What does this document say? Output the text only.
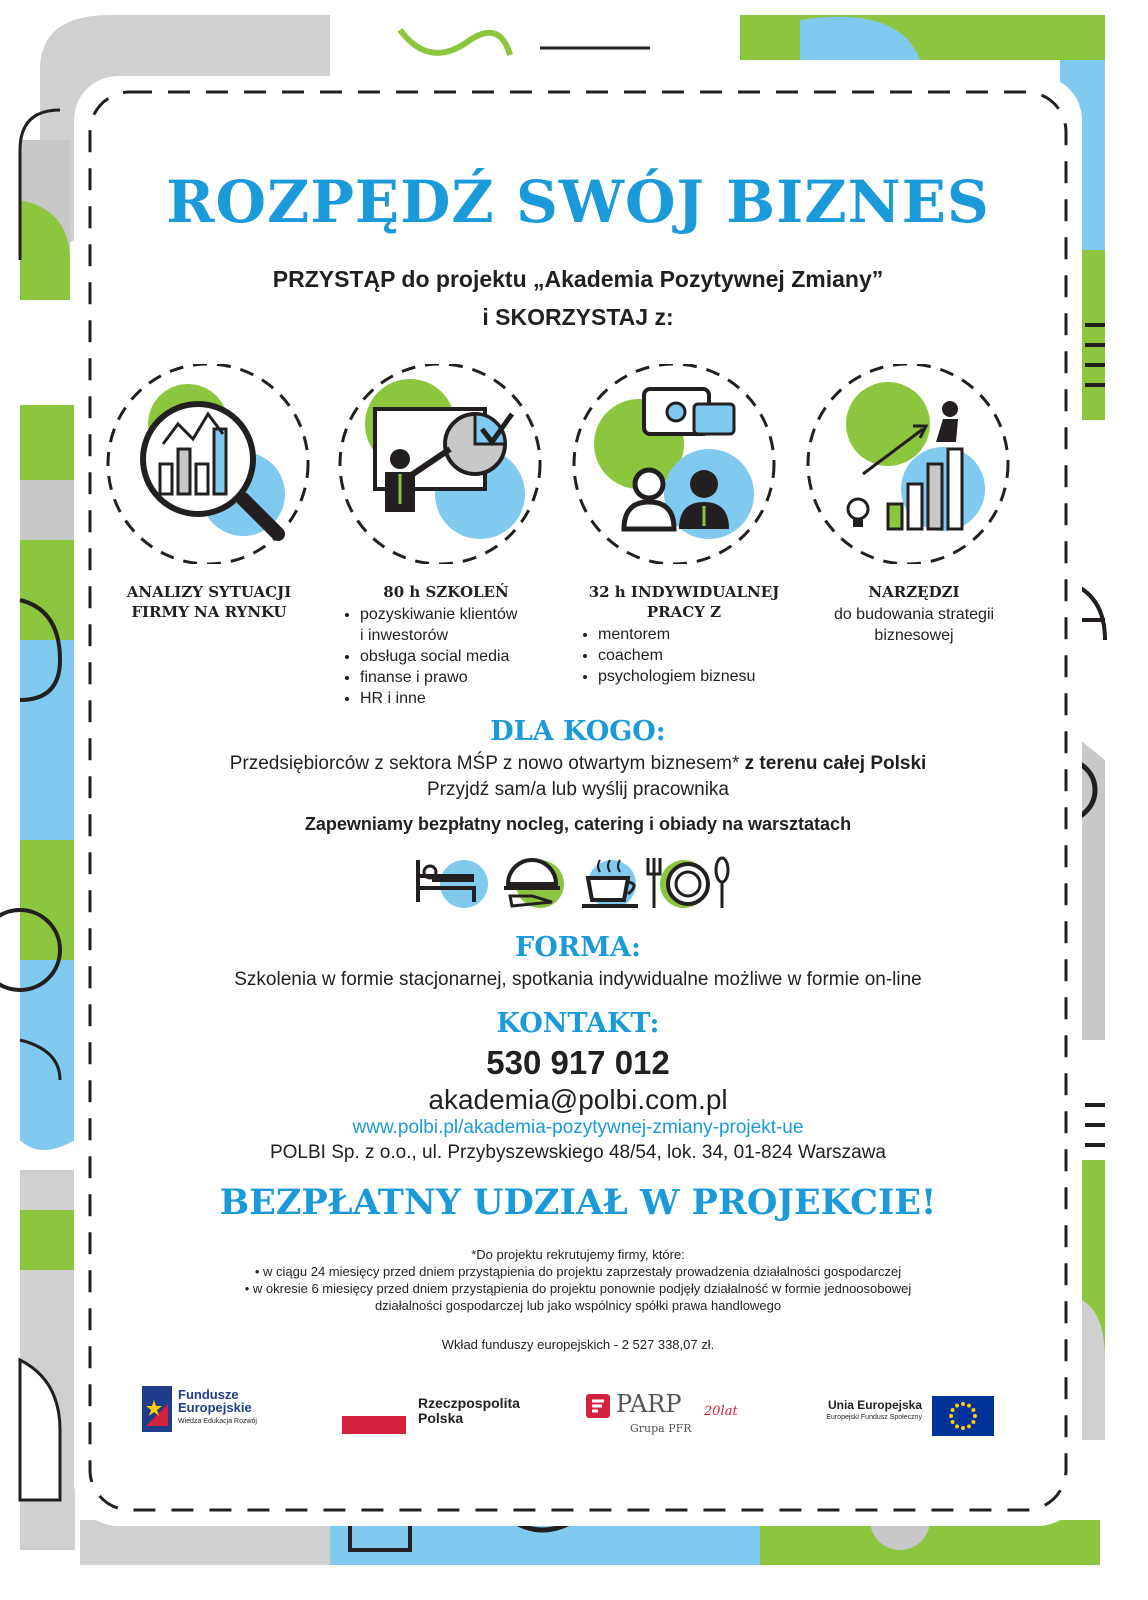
ROZPĘDŹ SWÓJ BIZNES
PRZYSTĄP do projektu „Akademia Pozytywnej Zmiany”
i SKORZYSTAJ z:
ANALIZY SYTUACJI
FIRMY NA RYNKU
80 h SZKOLEŃ
• pozyskiwanie klientów
i inwestorów
• obsługa social media
• finanse i prawo
• HR i inne
32 h INDYWIDUALNEJ
PRACY Z
• mentorem
• coachem
• psychologiem biznesu
NARZĘDZI

do budowania strategii
biznesowej

DLA KOGO:
Przedsiębiorców z sektora MŚP z nowo otwartym biznesem* z terenu całej Polski
Przyjdź sam/a lub wyślij pracownika
Zapewniamy bezpłatny nocleg, catering i obiady na warsztatach
FORMA:
Szkolenia w formie stacjonarnej, spotkania indywidualne możliwe w formie on-line
KONTAKT:
530 917 012
akademia@polbi.com.pl
www.polbi.pl/akademia-pozytywnej-zmiany-projekt-ue
POLBI Sp. z o.o., ul. Przybyszewskiego 48/54, lok. 34, 01-824 Warszawa
BEZPŁATNY UDZIAŁ W PROJEKCIE!
*Do projektu rekrutujemy firmy, które:
• w ciągu 24 miesięcy przed dniem przystąpienia do projektu zaprzestały prowadzenia działalności gospodarczej
• w okresie 6 miesięcy przed dniem przystąpienia do projektu ponownie podjęły działalność w formie jednoosobowej
działalności gospodarczej lub jako wspólnicy spółki prawa handlowego
Wkład funduszy europejskich - 2 527 338,07 zł.
Fundusze
Europejskie
Wiedza Edukacja Rozwój
Rzeczpospolita
Polska	PARP 20lat
Grupa PFR
Unia Europejska
Europejski Fundusz Społeczny
